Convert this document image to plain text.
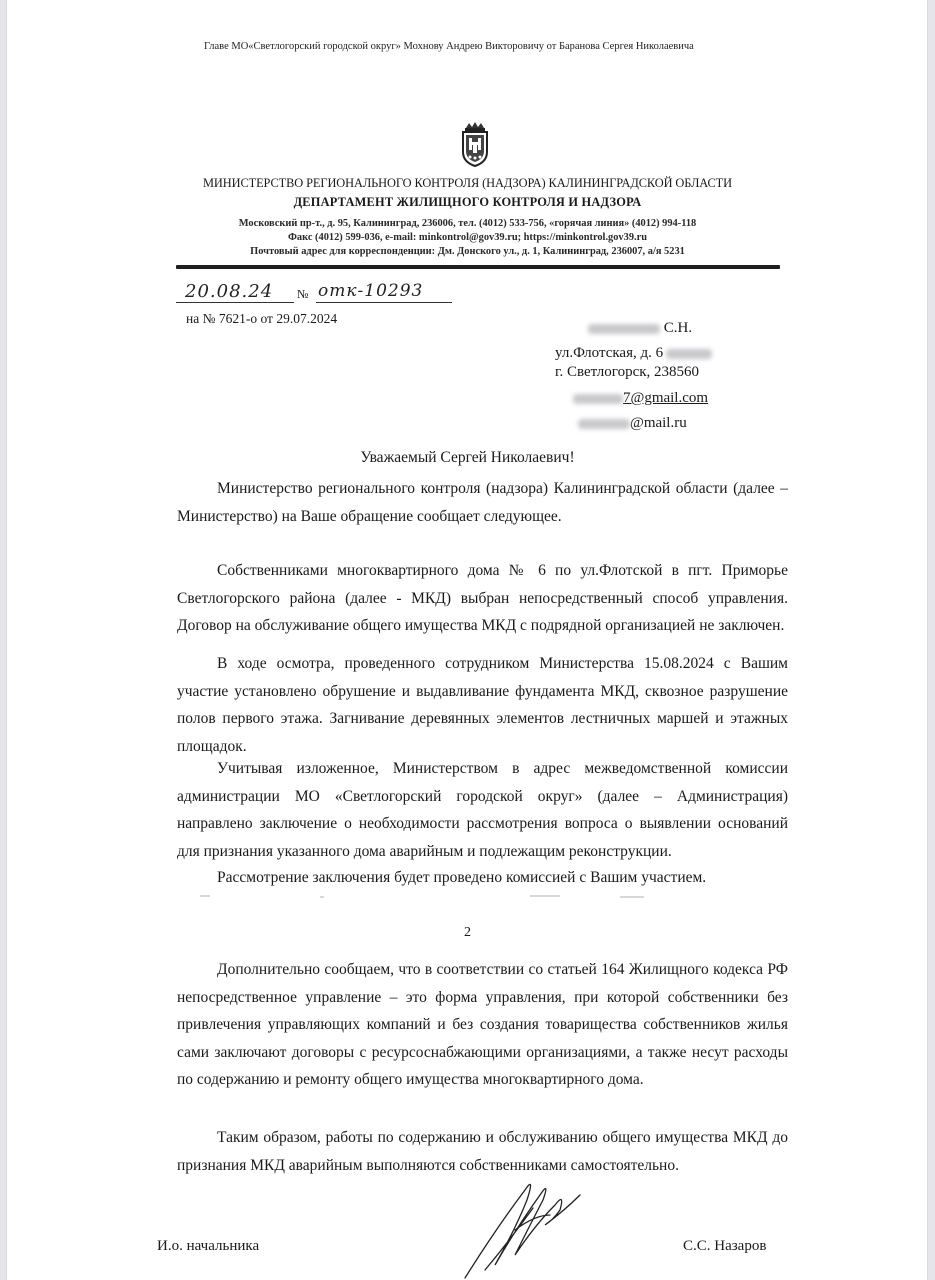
Главе МО«Светлогорский городской округ» Мохнову Андрею Викторовичу от Баранова Сергея Николаевича
МИНИСТЕРСТВО РЕГИОНАЛЬНОГО КОНТРОЛЯ (НАДЗОРА) КАЛИНИНГРАДСКОЙ ОБЛАСТИ
ДЕПАРТАМЕНТ ЖИЛИЩНОГО КОНТРОЛЯ И НАДЗОРА
Московский пр-т., д. 95, Калининград, 236006, тел. (4012) 533-756, «горячая линия» (4012) 994-118
Факс (4012) 599-036, e-mail: minkontrol@gov39.ru; https://minkontrol.gov39.ru
Почтовый адрес для корреспонденции: Дм. Донского ул., д. 1, Калининград, 236007, а/я 5231
20.08.24 № отк-10293
на № 7621-о от 29.07.2024
С.Н.
ул.Флотская, д. 6
г. Светлогорск, 238560
7@gmail.com
@mail.ru
Уважаемый Сергей Николаевич!
Министерство регионального контроля (надзора) Калининградской области (далее – Министерство) на Ваше обращение сообщает следующее.
Собственниками многоквартирного дома № 6 по ул.Флотской в пгт. Приморье Светлогорского района (далее - МКД) выбран непосредственный способ управления. Договор на обслуживание общего имущества МКД с подрядной организацией не заключен.
В ходе осмотра, проведенного сотрудником Министерства 15.08.2024 с Вашим участие установлено обрушение и выдавливание фундамента МКД, сквозное разрушение полов первого этажа. Загнивание деревянных элементов лестничных маршей и этажных площадок.
Учитывая изложенное, Министерством в адрес межведомственной комиссии администрации МО «Светлогорский городской округ» (далее – Администрация) направлено заключение о необходимости рассмотрения вопроса о выявлении оснований для признания указанного дома аварийным и подлежащим реконструкции.
Рассмотрение заключения будет проведено комиссией с Вашим участием.
2
Дополнительно сообщаем, что в соответствии со статьей 164 Жилищного кодекса РФ непосредственное управление – это форма управления, при которой собственники без привлечения управляющих компаний и без создания товарищества собственников жилья сами заключают договоры с ресурсоснабжающими организациями, а также несут расходы по содержанию и ремонту общего имущества многоквартирного дома.
Таким образом, работы по содержанию и обслуживанию общего имущества МКД до признания МКД аварийным выполняются собственниками самостоятельно.
И.о. начальника	С.С. Назаров
